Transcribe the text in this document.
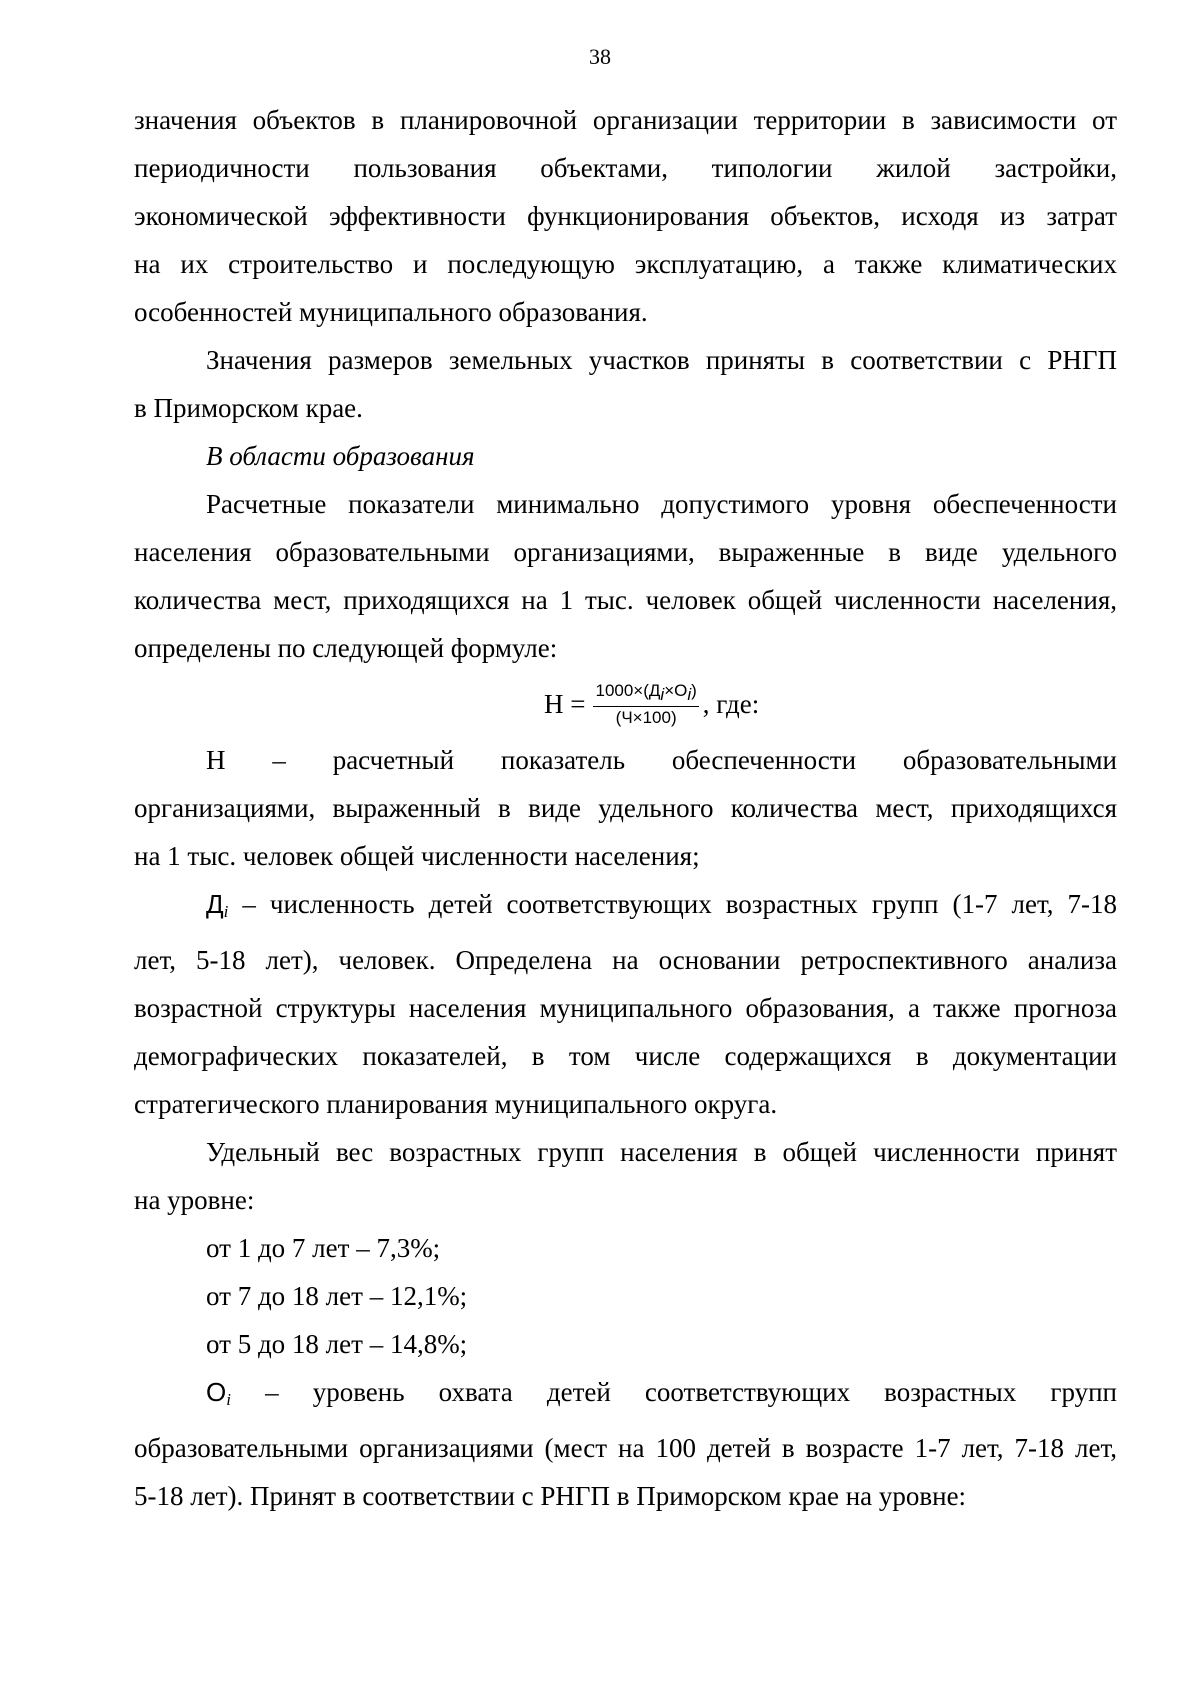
38

значения объектов в планировочной организации территории в зависимости от

периодичности пользования объектами, типологии жилой застройки,

экономической эффективности функционирования объектов, исходя из затрат

на их строительство и последующую эксплуатацию, а также климатических

особенностей муниципального образования.

Значения размеров земельных участков приняты в соответствии с РНГП

в Приморском крае.

В области образования

Расчетные показатели минимально допустимого уровня обеспеченности

населения образовательными организациями, выраженные в виде удельного

количества мест, приходящихся на 1 тыс. человек общей численности населения,

определены по следующей формуле:

$Н = \frac{1000\times(Дi\times Оi)}{(Ч\times 100)}$ , где:

Н – расчетный показатель обеспеченности образовательными

организациями, выраженный в виде удельного количества мест, приходящихся

на 1 тыс. человек общей численности населения;

Дi – численность детей соответствующих возрастных групп (1-7 лет, 7-18

лет, 5-18 лет), человек. Определена на основании ретроспективного анализа

возрастной структуры населения муниципального образования, а также прогноза

демографических показателей, в том числе содержащихся в документации

стратегического планирования муниципального округа.

Удельный вес возрастных групп населения в общей численности принят

на уровне:

от 1 до 7 лет – 7,3%;

от 7 до 18 лет – 12,1%;

от 5 до 18 лет – 14,8%;

Оi – уровень охвата детей соответствующих возрастных групп

образовательными организациями (мест на 100 детей в возрасте 1-7 лет, 7-18 лет,

5-18 лет). Принят в соответствии с РНГП в Приморском крае на уровне:
